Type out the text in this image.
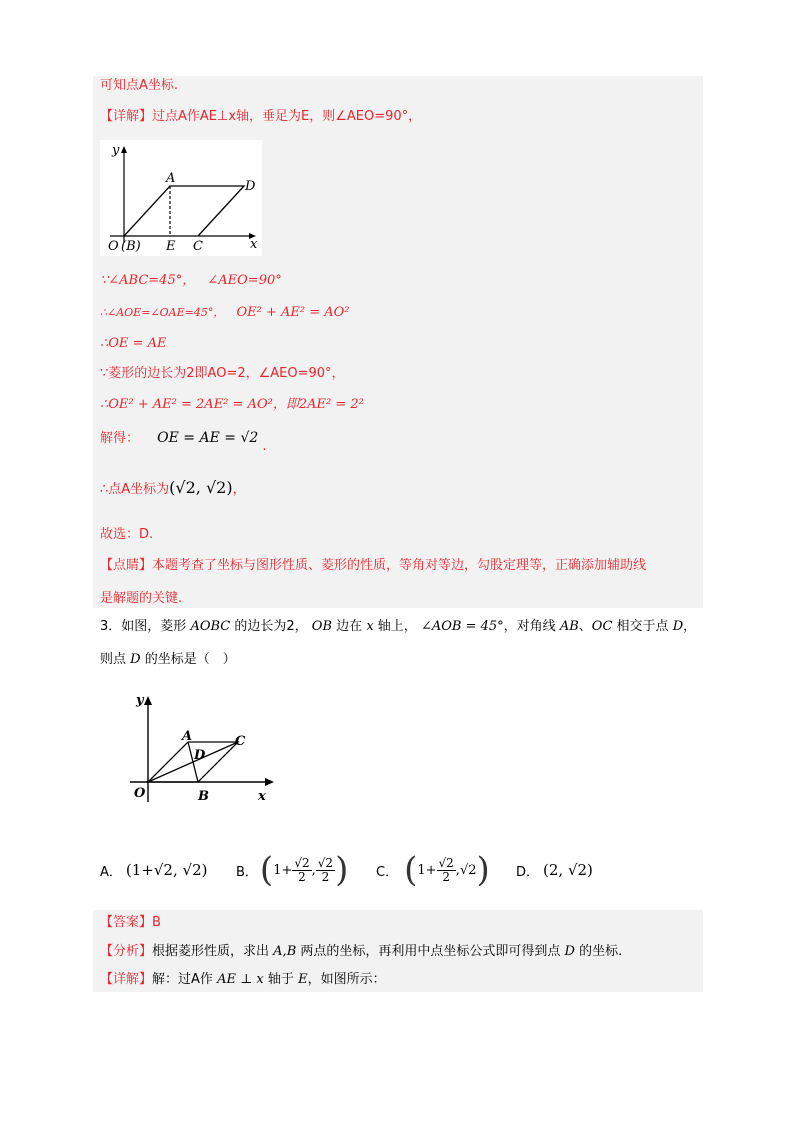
可知点A坐标.
【详解】过点A作AE⊥x轴，垂足为E，则∠AEO=90°，
y
x
A
D
O (B) E C
∵∠ABC=45°， ∠AEO=90°
∴∠AOE=∠OAE=45°， OE² + AE² = AO²
∴OE = AE
∵菱形的边长为2即AO=2，∠AEO=90°，
∴OE² + AE² = 2AE² = AO²，即2AE² = 2²
解得： OE = AE = √2 .
∴点A坐标为(√2, √2)，
故选：D.
【点睛】本题考查了坐标与图形性质、菱形的性质，等角对等边，勾股定理等，正确添加辅助线
是解题的关键.
3．如图，菱形 AOBC 的边长为2， OB 边在 x 轴上， ∠AOB = 45°，对角线 AB、OC 相交于点 D，
则点 D 的坐标是（　）
y
x
A
D
C
O	B
A． (1+√2, √2) B． ( $1+ \frac{√2}{2}$ , $\frac{√2}{2}$ ) C． ( $1+ \frac{√2}{2}$ , √2 ) D． (2, √2)
【答案】B
【分析】根据菱形性质，求出 A,B 两点的坐标，再利用中点坐标公式即可得到点 D 的坐标.
【详解】解：过A作 AE ⊥ x 轴于 E，如图所示：
